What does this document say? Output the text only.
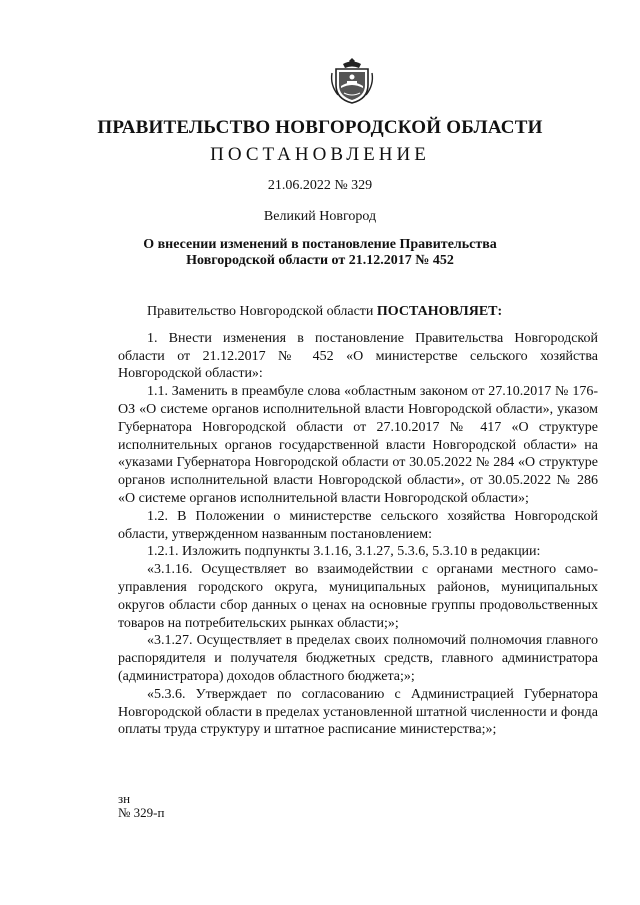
ПРАВИТЕЛЬСТВО НОВГОРОДСКОЙ ОБЛАСТИ
ПОСТАНОВЛЕНИЕ
21.06.2022 № 329
Великий Новгород
О внесении изменений в постановление Правительства
Новгородской области от 21.12.2017 № 452

Правительство Новгородской области ПОСТАНОВЛЯЕТ:

1. Внести изменения в постановление Правительства Новгородской области от 21.12.2017 № 452 «О министерстве сельского хозяйства Новгородской области»:

1.1. Заменить в преамбуле слова «областным законом от 27.10.2017 № 176-ОЗ «О системе органов исполнительной власти Новгородской области», указом Губернатора Новгородской области от 27.10.2017 № 417 «О структуре исполнительных органов государственной власти Новгородской области» на «указами Губернатора Новгородской области от 30.05.2022 № 284 «О структуре органов исполнительной власти Новгородской области», от 30.05.2022 № 286 «О системе органов исполнительной власти Новгородской области»;

1.2. В Положении о министерстве сельского хозяйства Новгородской области, утвержденном названным постановлением:

1.2.1. Изложить подпункты 3.1.16, 3.1.27, 5.3.6, 5.3.10 в редакции:

«3.1.16. Осуществляет во взаимодействии с органами местного само-управления городского округа, муниципальных районов, муниципальных округов области сбор данных о ценах на основные группы продовольственных товаров на потребительских рынках области;»;

«3.1.27. Осуществляет в пределах своих полномочий полномочия главного распорядителя и получателя бюджетных средств, главного администратора (администратора) доходов областного бюджета;»;

«5.3.6. Утверждает по согласованию с Администрацией Губернатора Новгородской области в пределах установленной штатной численности и фонда оплаты труда структуру и штатное расписание министерства;»;

зн
№ 329-п
